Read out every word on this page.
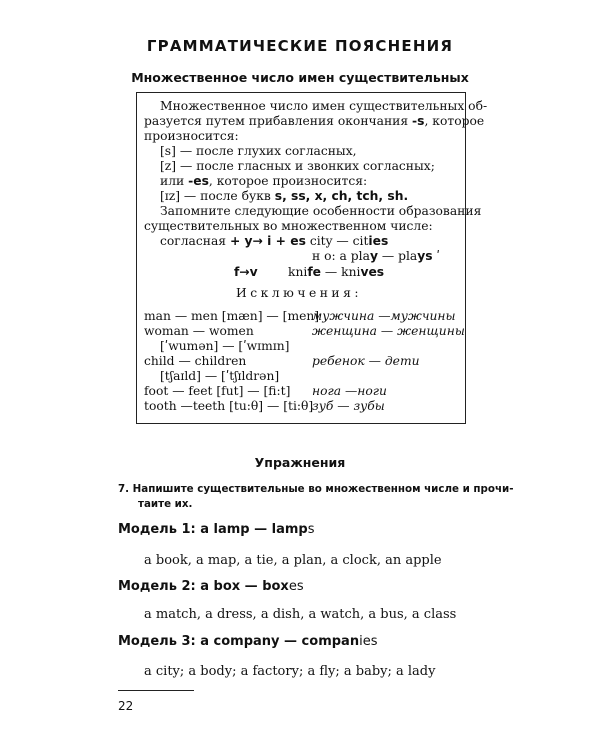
ГРАММАТИЧЕСКИЕ ПОЯСНЕНИЯ
Множественное число имен существительных
Множественное число имен существительных об-
разуется путем прибавления окончания -s, которое
произносится:
[s] — после глухих согласных,
[z] — после гласных и звонких согласных;
или -es, которое произносится:
[ɪz] — после букв s, ss, x, ch, tch, sh.
Запомните следующие особенности образования
существительных во множественном числе:
согласная + y→ i + es city — cities
н о: a play — plays ʹ
f→v knife — knives
Исключения:
man — men [mæn] — [men]
мужчина —мужчины
woman — women	женщина — женщины
[ʹwumən] — [ʹwɪmɪn]
child — children	ребенок — дети
[tʃaɪld] — [ʹtʃɪldrən]
foot — feet [fut] — [fi:t] нога —ноги
tooth —teeth [tu:θ] — [ti:θ]
зуб — зубы
Упражнения
7. Напишите существительные во множественном числе и прочи-
таите их.
Модель 1: a lamp — lamps
a book, a map, a tie, a plan, a clock, an apple
Модель 2: a box — boxes
a match, a dress, a dish, a watch, a bus, a class
Модель 3: a company — companies
a city; a body; a factory; a fly; a baby; a lady
22
